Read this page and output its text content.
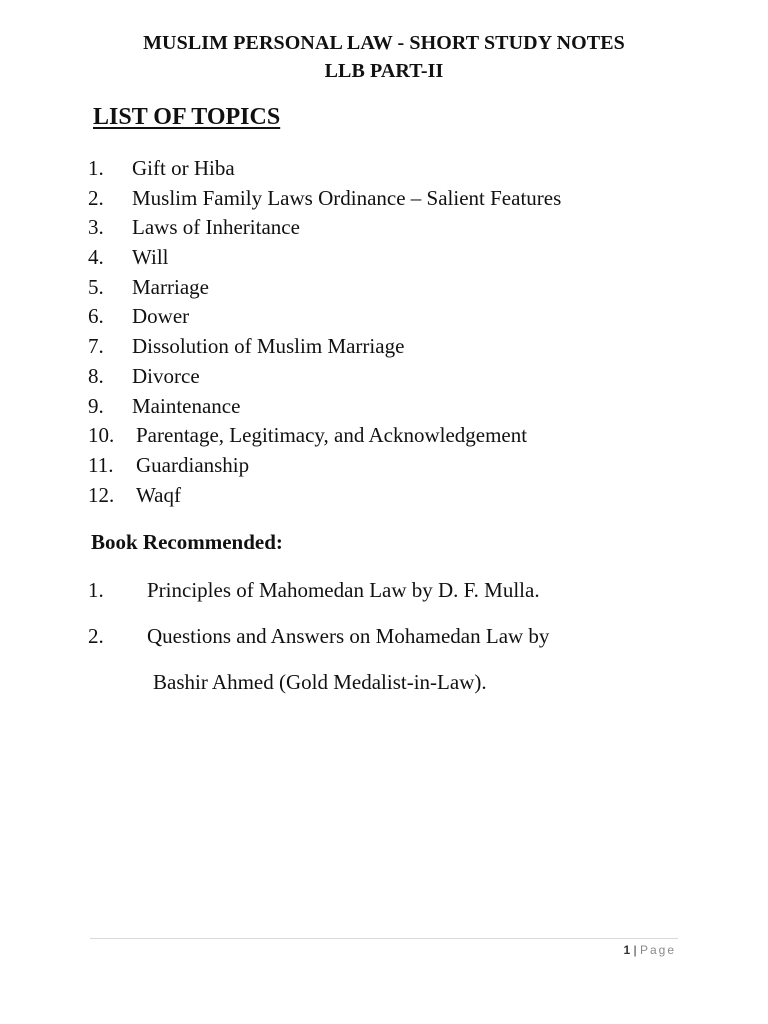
MUSLIM PERSONAL LAW - SHORT STUDY NOTES
LLB PART-II
LIST OF TOPICS
1.	Gift or Hiba
2.	Muslim Family Laws Ordinance – Salient Features
3.	Laws of Inheritance
4.	Will
5.	Marriage
6.	Dower
7.	Dissolution of Muslim Marriage
8.	Divorce
9.	Maintenance
10.	Parentage, Legitimacy, and Acknowledgement
11.	Guardianship
12.	Waqf
Book Recommended:
1. Principles of Mahomedan Law by D. F. Mulla.
2. Questions and Answers on Mohamedan Law by
Bashir Ahmed (Gold Medalist-in-Law).
1 | Page
